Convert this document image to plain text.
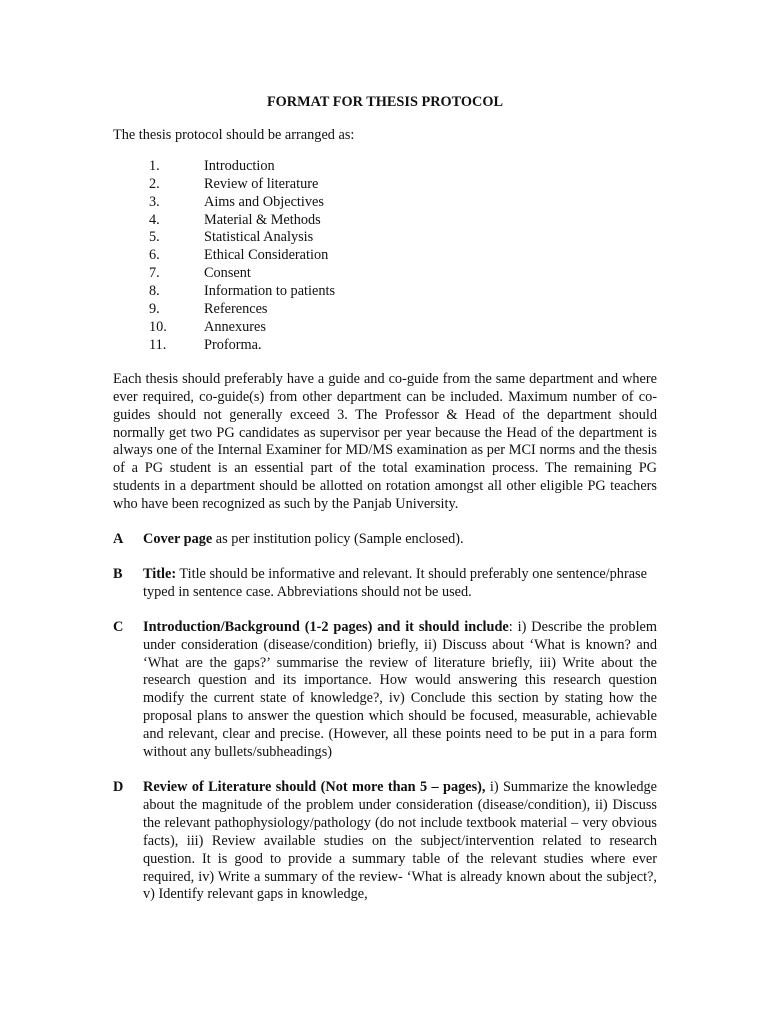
FORMAT FOR THESIS PROTOCOL
The thesis protocol should be arranged as:
1.	Introduction
2.	Review of literature
3.	Aims and Objectives
4.	Material & Methods
5.	Statistical Analysis
6.	Ethical Consideration
7.	Consent
8.	Information to patients
9.	References
10.	Annexures
11.	Proforma.

Each thesis should preferably have a guide and co-guide from the same department and where ever required, co-guide(s) from other department can be included. Maximum number of co-guides should not generally exceed 3. The Professor & Head of the department should normally get two PG candidates as supervisor per year because the Head of the department is always one of the Internal Examiner for MD/MS examination as per MCI norms and the thesis of a PG student is an essential part of the total examination process. The remaining PG students in a department should be allotted on rotation amongst all other eligible PG teachers who have been recognized as such by the Panjab University.

A	Cover page as per institution policy (Sample enclosed).
B	Title: Title should be informative and relevant. It should preferably one sentence/phrase typed in sentence case. Abbreviations should not be used.
C	Introduction/Background (1-2 pages) and it should include: i) Describe the problem under consideration (disease/condition) briefly, ii) Discuss about ‘What is known? and ‘What are the gaps?’ summarise the review of literature briefly, iii) Write about the research question and its importance. How would answering this research question modify the current state of knowledge?, iv) Conclude this section by stating how the proposal plans to answer the question which should be focused, measurable, achievable and relevant, clear and precise. (However, all these points need to be put in a para form without any bullets/subheadings)
D	Review of Literature should (Not more than 5 – pages), i) Summarize the knowledge about the magnitude of the problem under consideration (disease/condition), ii) Discuss the relevant pathophysiology/pathology (do not include textbook material – very obvious facts), iii) Review available studies on the subject/intervention related to research question. It is good to provide a summary table of the relevant studies where ever required, iv) Write a summary of the review- ‘What is already known about the subject?, v) Identify relevant gaps in knowledge,
